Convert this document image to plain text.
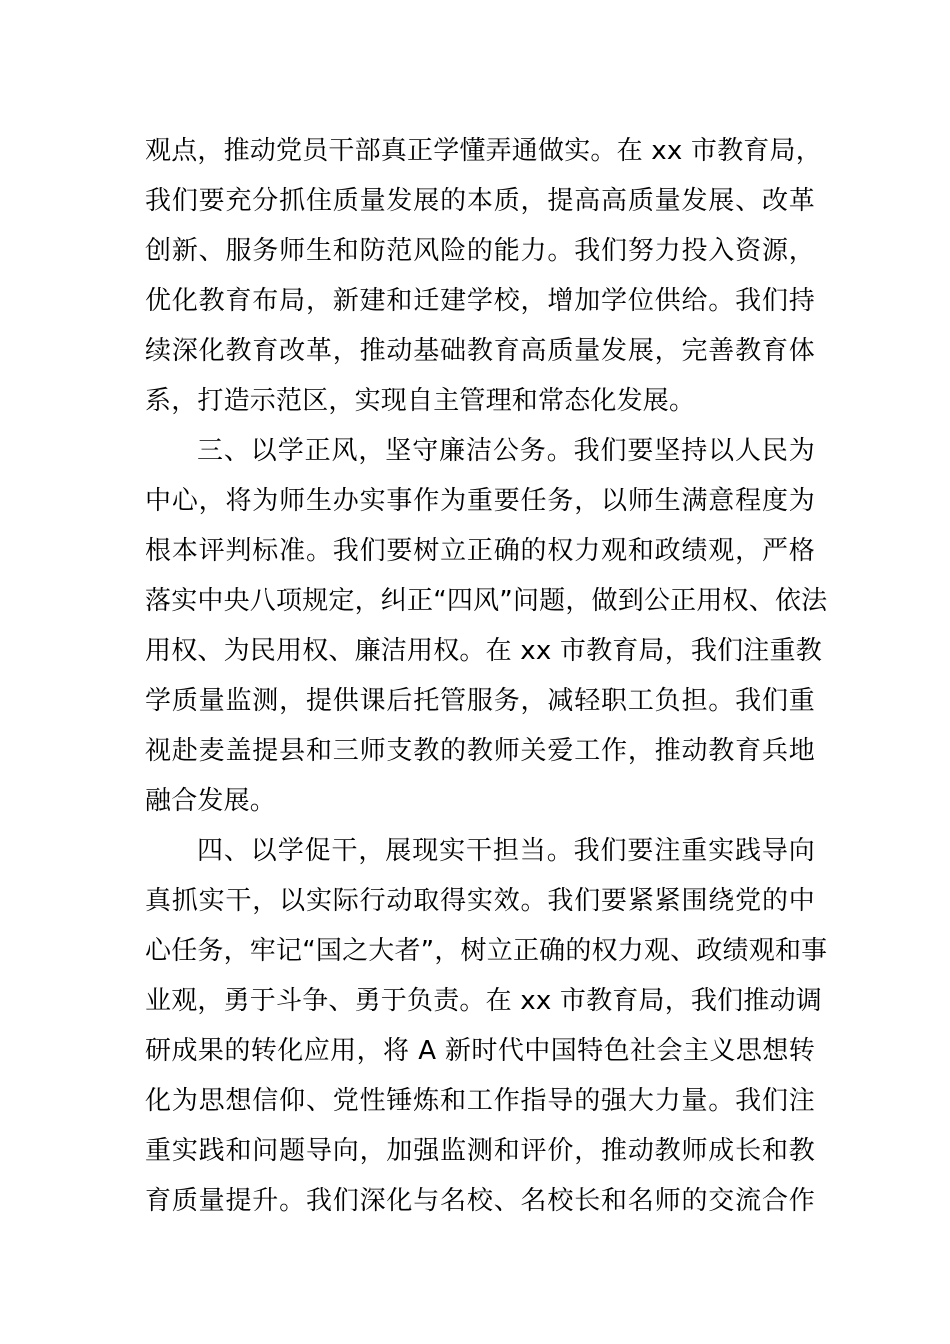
观点，推动党员干部真正学懂弄通做实。在 xx 市教育局，
我们要充分抓住质量发展的本质，提高高质量发展、改革
创新、服务师生和防范风险的能力。我们努力投入资源，
优化教育布局，新建和迁建学校，增加学位供给。我们持
续深化教育改革，推动基础教育高质量发展，完善教育体
系，打造示范区，实现自主管理和常态化发展。
三、以学正风，坚守廉洁公务。我们要坚持以人民为
中心，将为师生办实事作为重要任务，以师生满意程度为
根本评判标准。我们要树立正确的权力观和政绩观，严格
落实中央八项规定，纠正“四风”问题，做到公正用权、依法
用权、为民用权、廉洁用权。在 xx 市教育局，我们注重教
学质量监测，提供课后托管服务，减轻职工负担。我们重
视赴麦盖提县和三师支教的教师关爱工作，推动教育兵地
融合发展。
四、以学促干，展现实干担当。我们要注重实践导向
真抓实干，以实际行动取得实效。我们要紧紧围绕党的中
心任务，牢记“国之大者”，树立正确的权力观、政绩观和事
业观，勇于斗争、勇于负责。在 xx 市教育局，我们推动调
研成果的转化应用，将 A 新时代中国特色社会主义思想转
化为思想信仰、党性锤炼和工作指导的强大力量。我们注
重实践和问题导向，加强监测和评价，推动教师成长和教
育质量提升。我们深化与名校、名校长和名师的交流合作
